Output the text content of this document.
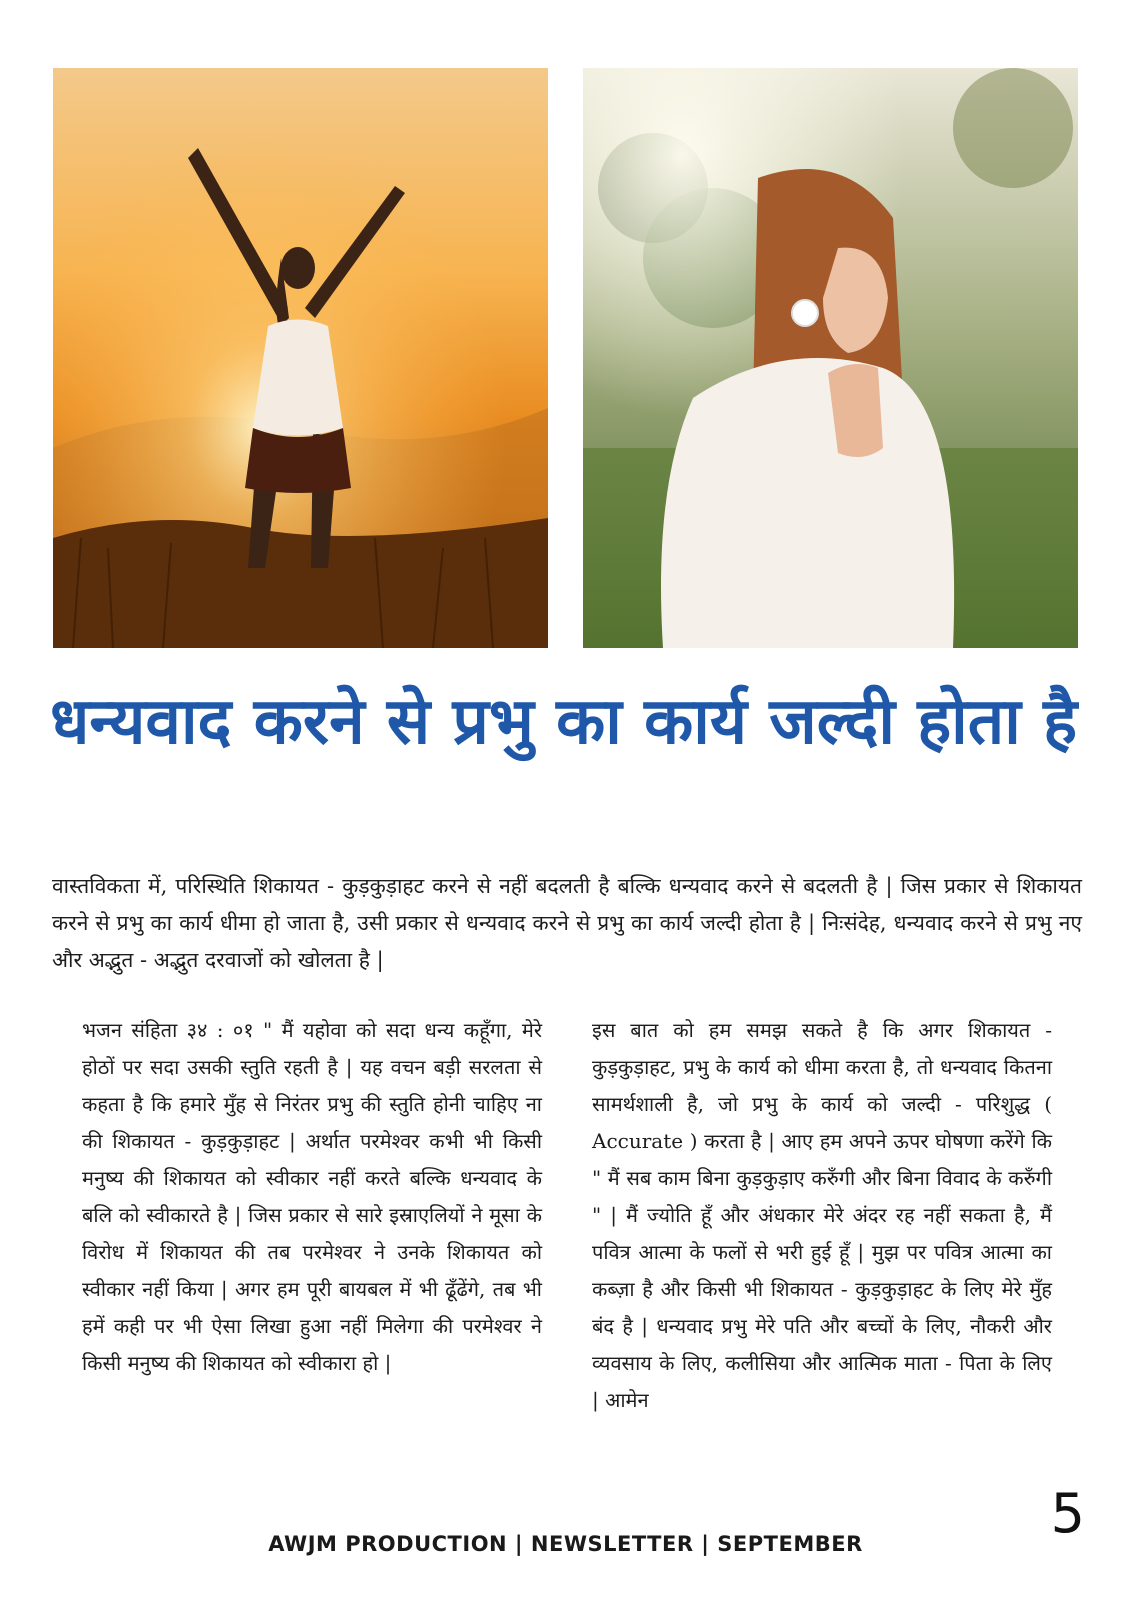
धन्यवाद करने से प्रभु का कार्य जल्दी होता है

वास्तविकता में, परिस्थिति शिकायत - कुड़कुड़ाहट करने से नहीं बदलती है बल्कि धन्यवाद करने से बदलती है | जिस प्रकार से शिकायत करने से प्रभु का कार्य धीमा हो जाता है, उसी प्रकार से धन्यवाद करने से प्रभु का कार्य जल्दी होता है | निःसंदेह, धन्यवाद करने से प्रभु नए और अद्भुत - अद्भुत दरवाजों को खोलता है |

भजन संहिता ३४ : ०१ " मैं यहोवा को सदा धन्य कहूँगा, मेरे होठों पर सदा उसकी स्तुति रहती है | यह वचन बड़ी सरलता से कहता है कि हमारे मुँह से निरंतर प्रभु की स्तुति होनी चाहिए ना की शिकायत - कुड़कुड़ाहट | अर्थात परमेश्वर कभी भी किसी मनुष्य की शिकायत को स्वीकार नहीं करते बल्कि धन्यवाद के बलि को स्वीकारते है | जिस प्रकार से सारे इस्राएलियों ने मूसा के विरोध में शिकायत की तब परमेश्वर ने उनके शिकायत को स्वीकार नहीं किया | अगर हम पूरी बायबल में भी ढूँढेंगे, तब भी हमें कही पर भी ऐसा लिखा हुआ नहीं मिलेगा की परमेश्वर ने किसी मनुष्य की शिकायत को स्वीकारा हो |

इस बात को हम समझ सकते है कि अगर शिकायत - कुड़कुड़ाहट, प्रभु के कार्य को धीमा करता है, तो धन्यवाद कितना सामर्थशाली है, जो प्रभु के कार्य को जल्दी - परिशुद्ध ( Accurate ) करता है | आए हम अपने ऊपर घोषणा करेंगे कि " मैं सब काम बिना कुड़कुड़ाए करुँगी और बिना विवाद के करुँगी " | मैं ज्योति हूँ और अंधकार मेरे अंदर रह नहीं सकता है, मैं पवित्र आत्मा के फलों से भरी हुई हूँ | मुझ पर पवित्र आत्मा का कब्ज़ा है और किसी भी शिकायत - कुड़कुड़ाहट के लिए मेरे मुँह बंद है | धन्यवाद प्रभु मेरे पति और बच्चों के लिए, नौकरी और व्यवसाय के लिए, कलीसिया और आत्मिक माता - पिता के लिए | आमेन

5
AWJM PRODUCTION | NEWSLETTER | SEPTEMBER
